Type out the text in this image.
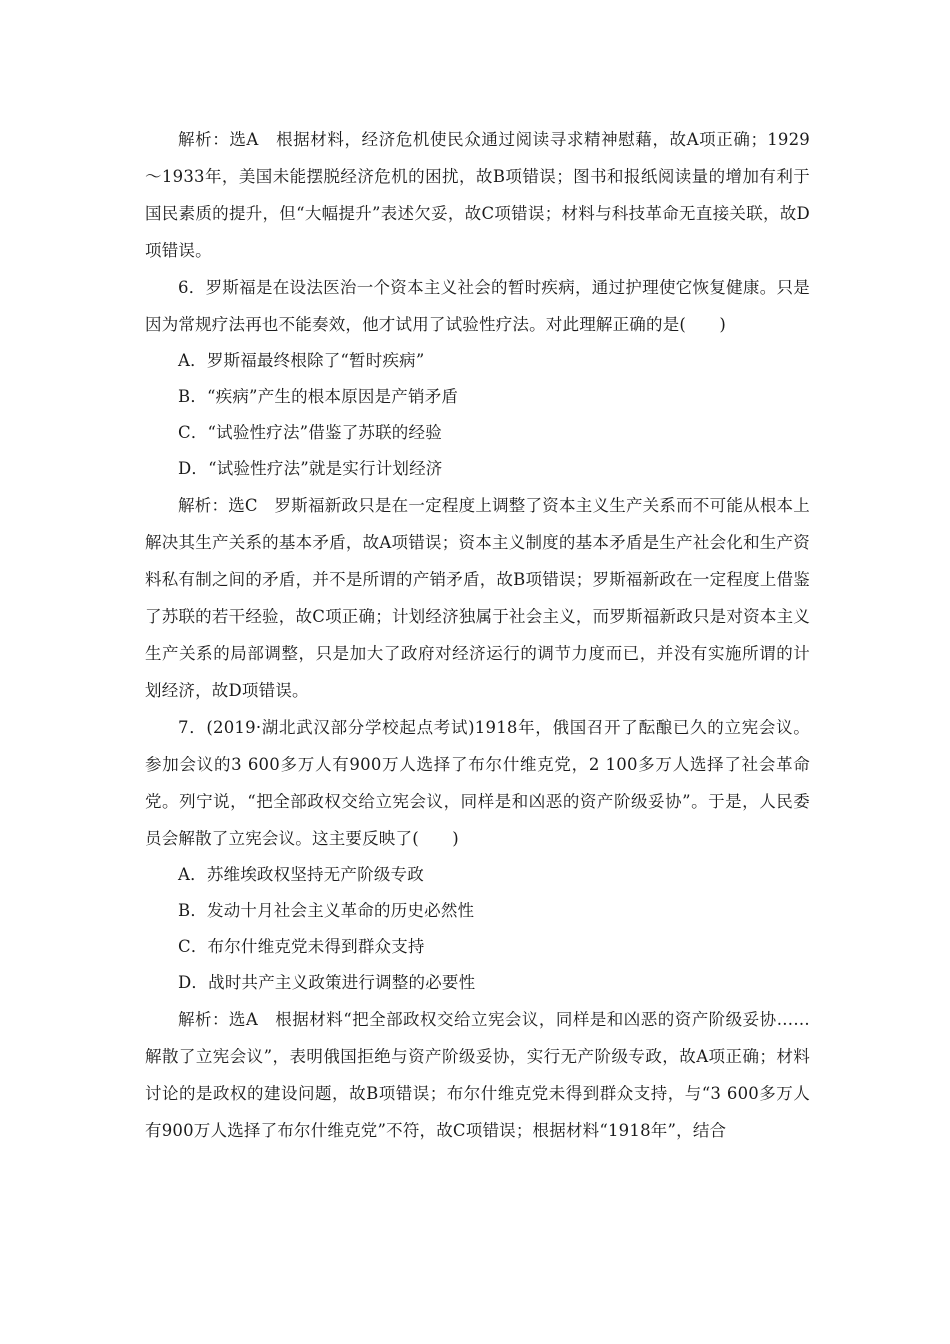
解析：选A　根据材料，经济危机使民众通过阅读寻求精神慰藉，故A项正确；1929～1933年，美国未能摆脱经济危机的困扰，故B项错误；图书和报纸阅读量的增加有利于国民素质的提升，但“大幅提升”表述欠妥，故C项错误；材料与科技革命无直接关联，故D项错误。

6．罗斯福是在设法医治一个资本主义社会的暂时疾病，通过护理使它恢复健康。只是因为常规疗法再也不能奏效，他才试用了试验性疗法。对此理解正确的是(　　)

A．罗斯福最终根除了“暂时疾病”

B．“疾病”产生的根本原因是产销矛盾

C．“试验性疗法”借鉴了苏联的经验

D．“试验性疗法”就是实行计划经济

解析：选C　罗斯福新政只是在一定程度上调整了资本主义生产关系而不可能从根本上解决其生产关系的基本矛盾，故A项错误；资本主义制度的基本矛盾是生产社会化和生产资料私有制之间的矛盾，并不是所谓的产销矛盾，故B项错误；罗斯福新政在一定程度上借鉴了苏联的若干经验，故C项正确；计划经济独属于社会主义，而罗斯福新政只是对资本主义生产关系的局部调整，只是加大了政府对经济运行的调节力度而已，并没有实施所谓的计划经济，故D项错误。

7．(2019·湖北武汉部分学校起点考试)1918年，俄国召开了酝酿已久的立宪会议。参加会议的3 600多万人有900万人选择了布尔什维克党，2 100多万人选择了社会革命党。列宁说，“把全部政权交给立宪会议，同样是和凶恶的资产阶级妥协”。于是，人民委员会解散了立宪会议。这主要反映了(　　)

A．苏维埃政权坚持无产阶级专政

B．发动十月社会主义革命的历史必然性

C．布尔什维克党未得到群众支持

D．战时共产主义政策进行调整的必要性

解析：选A　根据材料“把全部政权交给立宪会议，同样是和凶恶的资产阶级妥协……解散了立宪会议”，表明俄国拒绝与资产阶级妥协，实行无产阶级专政，故A项正确；材料讨论的是政权的建设问题，故B项错误；布尔什维克党未得到群众支持，与“3 600多万人有900万人选择了布尔什维克党”不符，故C项错误；根据材料“1918年”，结合
